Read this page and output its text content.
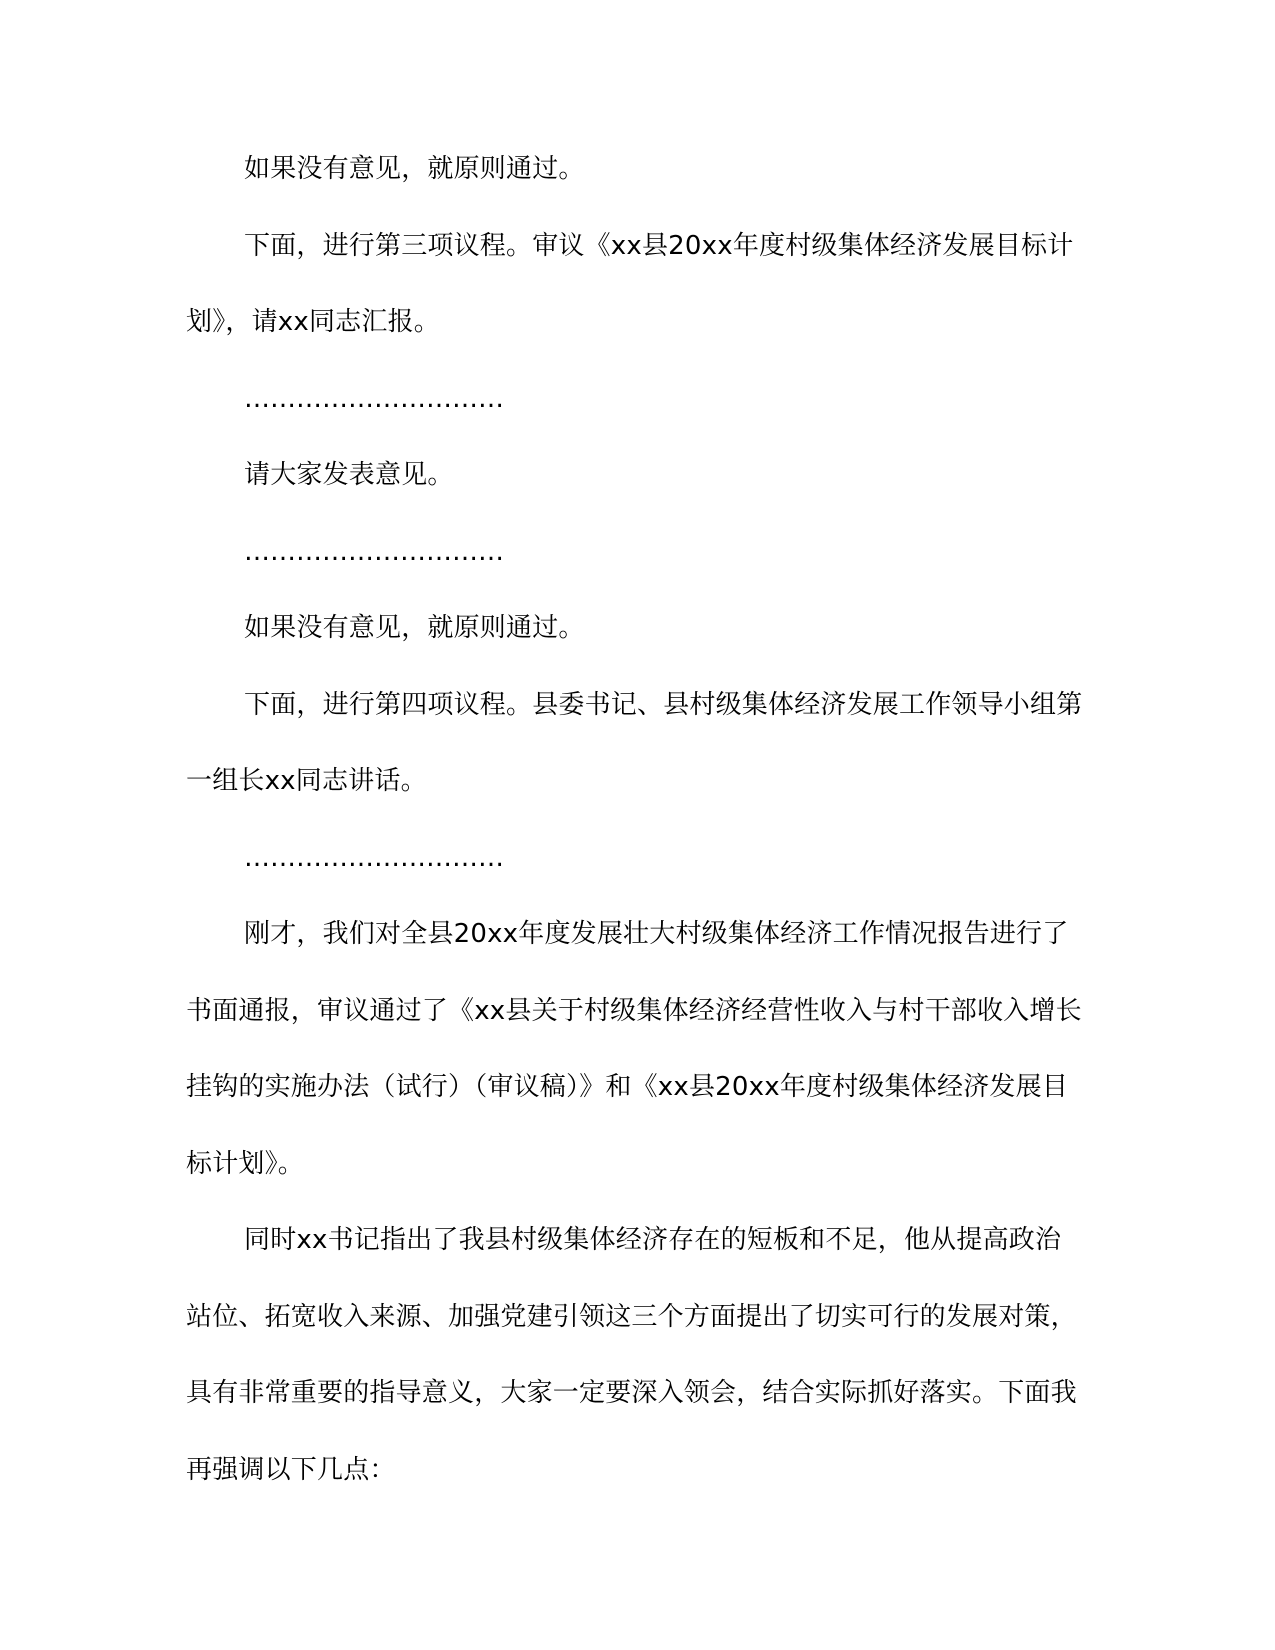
如果没有意见，就原则通过。

下面，进行第三项议程。审议《xx县20xx年度村级集体经济发展目标计划》，请xx同志汇报。

…………………………

请大家发表意见。

…………………………

如果没有意见，就原则通过。

下面，进行第四项议程。县委书记、县村级集体经济发展工作领导小组第一组长xx同志讲话。

…………………………

刚才，我们对全县20xx年度发展壮大村级集体经济工作情况报告进行了书面通报，审议通过了《xx县关于村级集体经济经营性收入与村干部收入增长挂钩的实施办法（试行）（审议稿）》和《xx县20xx年度村级集体经济发展目标计划》。

同时xx书记指出了我县村级集体经济存在的短板和不足，他从提高政治站位、拓宽收入来源、加强党建引领这三个方面提出了切实可行的发展对策，具有非常重要的指导意义，大家一定要深入领会，结合实际抓好落实。下面我再强调以下几点：
